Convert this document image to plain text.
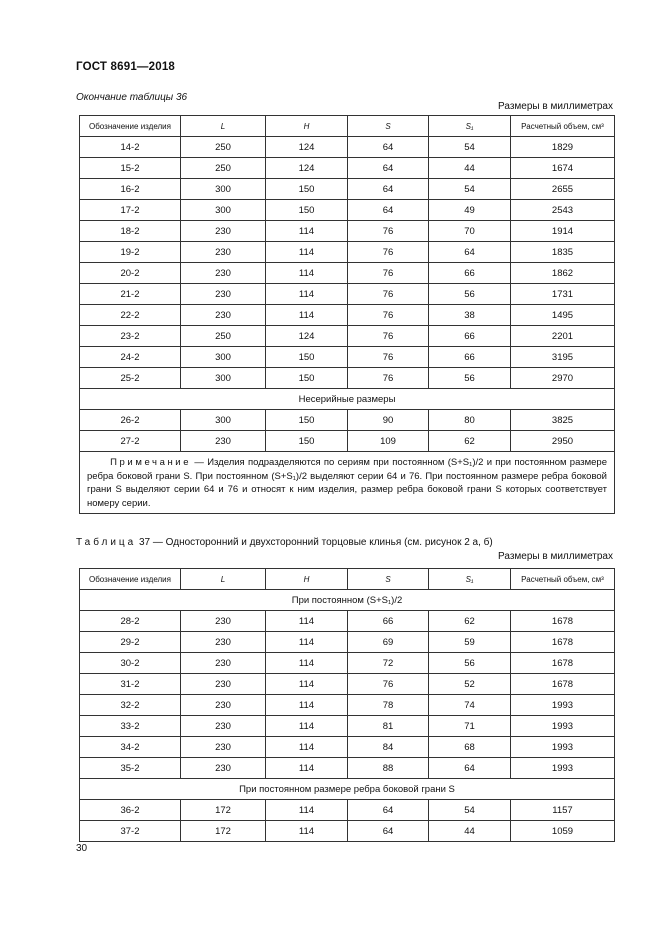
ГОСТ 8691—2018
Окончание таблицы 36
Размеры в миллиметрах
Обозначение изделия	L	H	S	S₁	Расчетный объем, см³
14-2	250	124	64	54	1829
15-2	250	124	64	44	1674
16-2	300	150	64	54	2655
17-2	300	150	64	49	2543
18-2	230	114	76	70	1914
19-2	230	114	76	64	1835
20-2	230	114	76	66	1862
21-2	230	114	76	56	1731
22-2	230	114	76	38	1495
23-2	250	124	76	66	2201
24-2	300	150	76	66	3195
25-2	300	150	76	56	2970
Несерийные размеры					
26-2	300	150	90	80	3825
27-2	230	150	109	62	2950
Примечание — Изделия подразделяются по сериям при постоянном (S+S₁)/2 и при постоянном размере ребра боковой грани S. При постоянном (S+S₁)/2 выделяют серии 64 и 76. При постоянном размере ребра боковой грани S выделяют серии 64 и 76 и относят к ним изделия, размер ребра боковой грани S которых соответствует номеру серии.					
Таблица 37 — Односторонний и двухсторонний торцовые клинья (см. рисунок 2 а, б)
Размеры в миллиметрах
Обозначение изделия	L	H	S	S₁	Расчетный объем, см³
При постоянном (S+S₁)/2					
28-2	230	114	66	62	1678
29-2	230	114	69	59	1678
30-2	230	114	72	56	1678
31-2	230	114	76	52	1678
32-2	230	114	78	74	1993
33-2	230	114	81	71	1993
34-2	230	114	84	68	1993
35-2	230	114	88	64	1993
При постоянном размере ребра боковой грани S					
36-2	172	114	64	54	1157
37-2	172	114	64	44	1059
30
